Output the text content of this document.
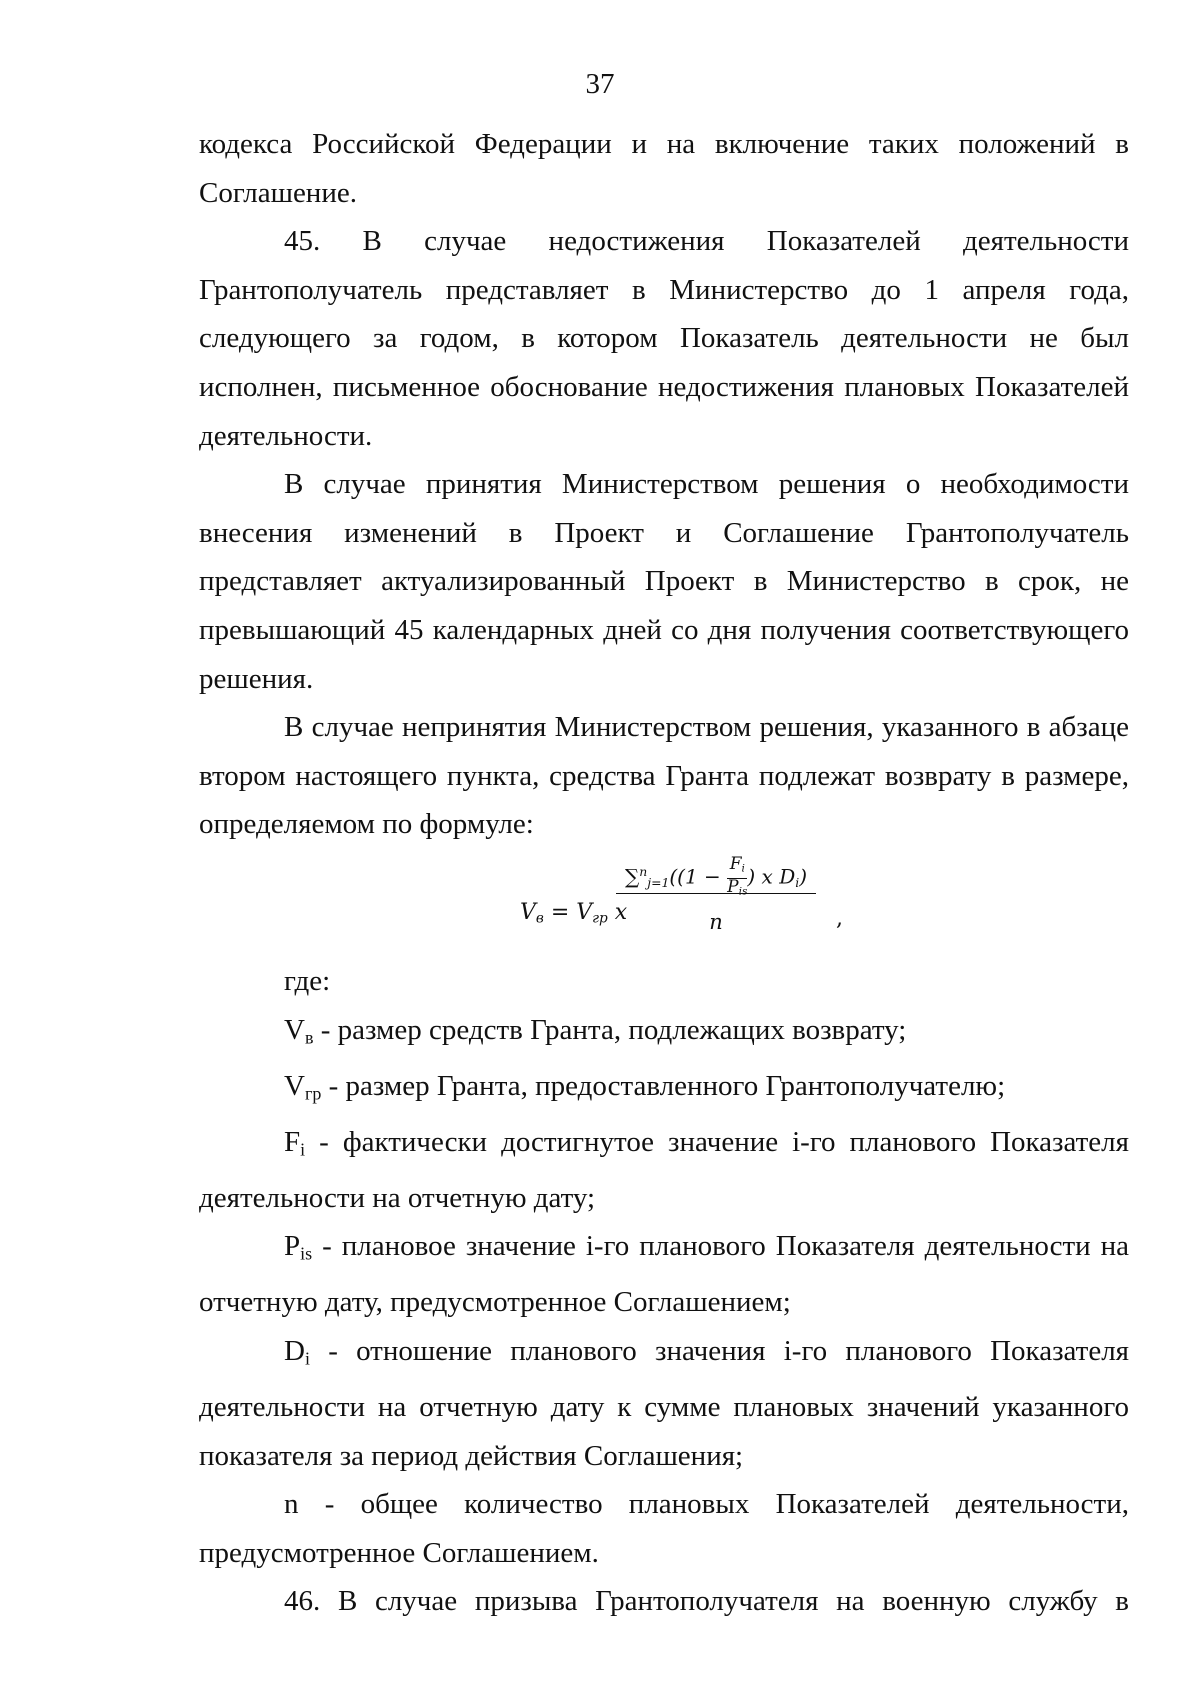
37

кодекса Российской Федерации и на включение таких положений в Соглашение.

45. В случае недостижения Показателей деятельности Грантополучатель представляет в Министерство до 1 апреля года, следующего за годом, в котором Показатель деятельности не был исполнен, письменное обоснование недостижения плановых Показателей деятельности.

В случае принятия Министерством решения о необходимости внесения изменений в Проект и Соглашение Грантополучатель представляет актуализированный Проект в Министерство в срок, не превышающий 45 календарных дней со дня получения соответствующего решения.

В случае непринятия Министерством решения, указанного в абзаце втором настоящего пункта, средства Гранта подлежат возврату в размере, определяемом по формуле:

$V_в = V_{гр}$ x
∑$^n_{j=1}$((1 −
$F_i$
$P_{is}$
) x $D_i$)
n	,

где:

$V_в$ - размер средств Гранта, подлежащих возврату;

$V_{гр}$ - размер Гранта, предоставленного Грантополучателю;

$F_i$ - фактически достигнутое значение i-го планового Показателя деятельности на отчетную дату;

$P_{is}$ - плановое значение i-го планового Показателя деятельности на отчетную дату, предусмотренное Соглашением;

$D_i$ - отношение планового значения i-го планового Показателя деятельности на отчетную дату к сумме плановых значений указанного показателя за период действия Соглашения;

n - общее количество плановых Показателей деятельности, предусмотренное Соглашением.

46. В случае призыва Грантополучателя на военную службу в
